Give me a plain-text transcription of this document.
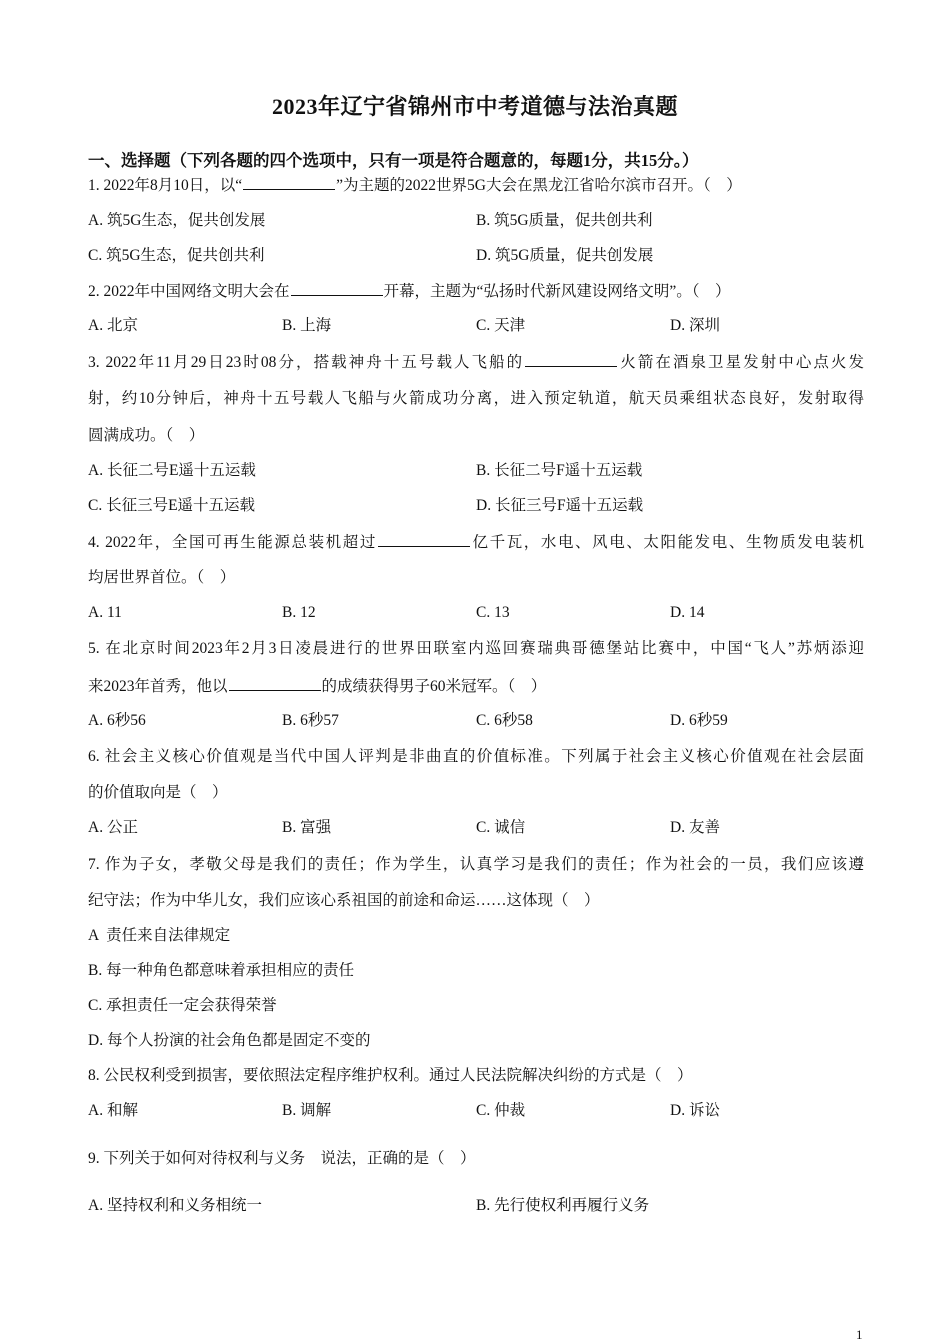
2023年辽宁省锦州市中考道德与法治真题
一、选择题（下列各题的四个选项中，只有一项是符合题意的，每题1分，共15分。）
1. 2022年8月10日，以“	”为主题的2022世界5G大会在黑龙江省哈尔滨市召开。（　）
A. 筑5G生态，促共创发展	B. 筑5G质量，促共创共利
C. 筑5G生态，促共创共利	D. 筑5G质量，促共创发展
2. 2022年中国网络文明大会在	开幕，主题为“弘扬时代新风建设网络文明”。（　）
A. 北京	B. 上海	C. 天津	D. 深圳
3. 2022年11月29日23时08分，搭载神舟十五号载人飞船的	火箭在酒泉卫星发射中心点火发
射，约10分钟后，神舟十五号载人飞船与火箭成功分离，进入预定轨道，航天员乘组状态良好，发射取得
圆满成功。（　）
A. 长征二号E遥十五运载	B. 长征二号F遥十五运载
C. 长征三号E遥十五运载	D. 长征三号F遥十五运载
4. 2022年，全国可再生能源总装机超过	亿千瓦，水电、风电、太阳能发电、生物质发电装机
均居世界首位。（　）
A. 11	B. 12	C. 13	D. 14
5. 在北京时间2023年2月3日凌晨进行的世界田联室内巡回赛瑞典哥德堡站比赛中，中国“飞人”苏炳添迎
来2023年首秀，他以	的成绩获得男子60米冠军。（　）
A. 6秒56	B. 6秒57	C. 6秒58	D. 6秒59
6. 社会主义核心价值观是当代中国人评判是非曲直的价值标准。下列属于社会主义核心价值观在社会层面
的价值取向是（　）
A. 公正	B. 富强	C. 诚信	D. 友善
7. 作为子女，孝敬父母是我们的责任；作为学生，认真学习是我们的责任；作为社会的一员，我们应该遵
纪守法；作为中华儿女，我们应该心系祖国的前途和命运……这体现（　）
A  责任来自法律规定
B. 每一种角色都意味着承担相应的责任
C. 承担责任一定会获得荣誉
D. 每个人扮演的社会角色都是固定不变的
8. 公民权利受到损害，要依照法定程序维护权利。通过人民法院解决纠纷的方式是（　）
A. 和解	B. 调解	C. 仲裁	D. 诉讼
9. 下列关于如何对待权利与义务　说法，正确的是（　）
A. 坚持权利和义务相统一	B. 先行使权利再履行义务
1
